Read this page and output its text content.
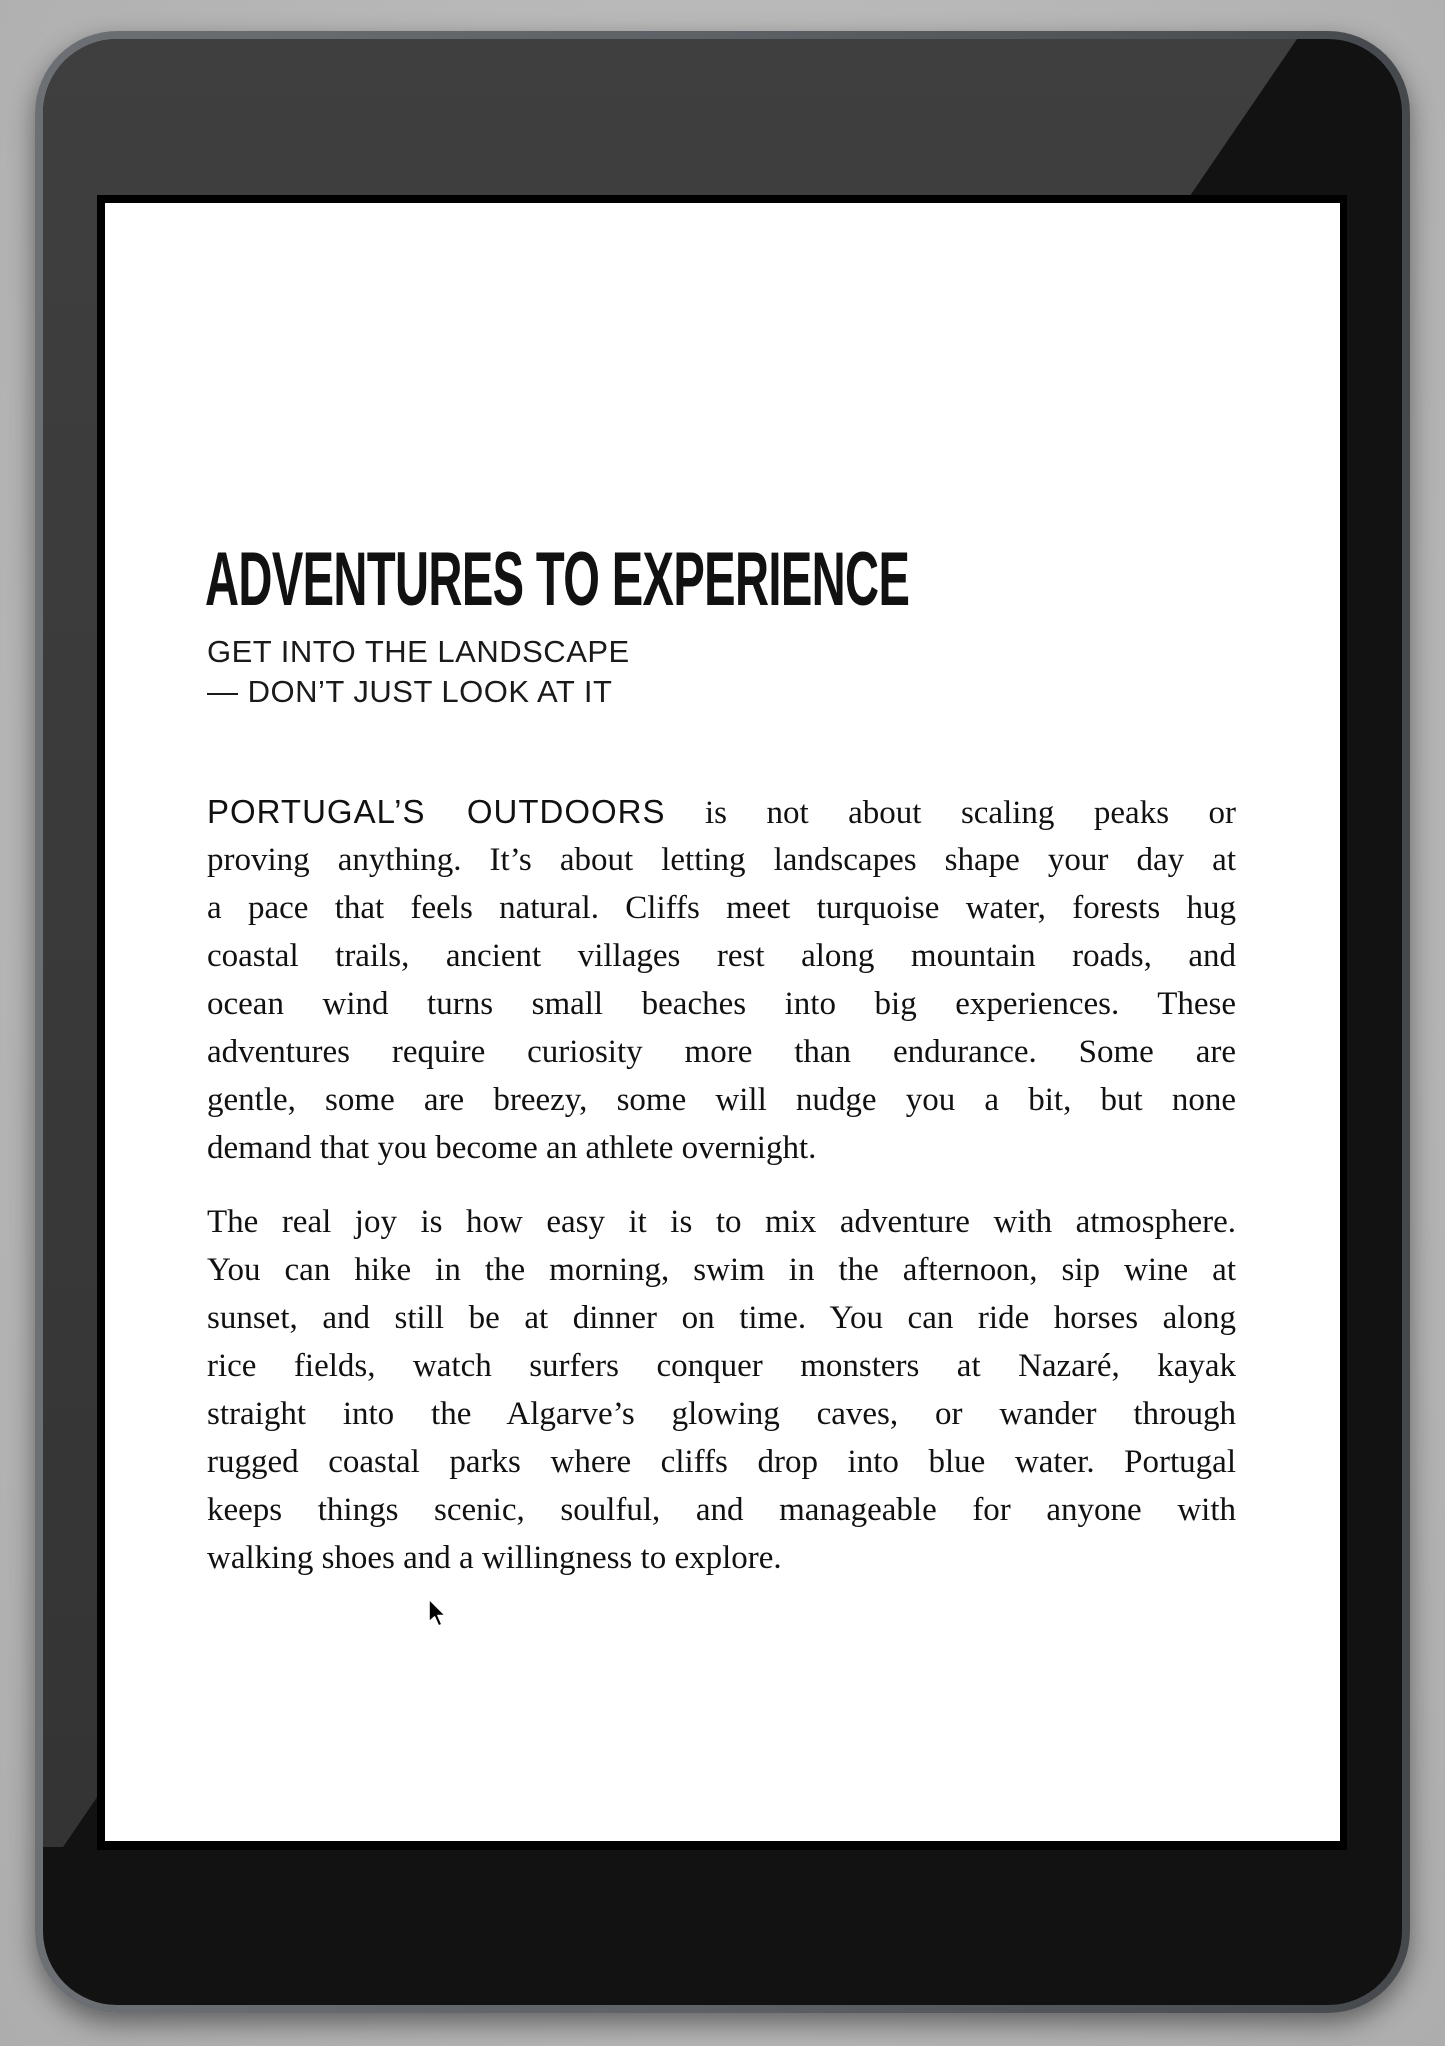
ADVENTURES TO EXPERIENCE
GET INTO THE LANDSCAPE
— DON’T JUST LOOK AT IT
PORTUGAL’S OUTDOORS is not about scaling peaks or
proving anything. It’s about letting landscapes shape your day at
a pace that feels natural. Cliffs meet turquoise water, forests hug
coastal trails, ancient villages rest along mountain roads, and
ocean wind turns small beaches into big experiences. These
adventures require curiosity more than endurance. Some are
gentle, some are breezy, some will nudge you a bit, but none
demand that you become an athlete overnight.
The real joy is how easy it is to mix adventure with atmosphere.
You can hike in the morning, swim in the afternoon, sip wine at
sunset, and still be at dinner on time. You can ride horses along
rice fields, watch surfers conquer monsters at Nazaré, kayak
straight into the Algarve’s glowing caves, or wander through
rugged coastal parks where cliffs drop into blue water. Portugal
keeps things scenic, soulful, and manageable for anyone with
walking shoes and a willingness to explore.
